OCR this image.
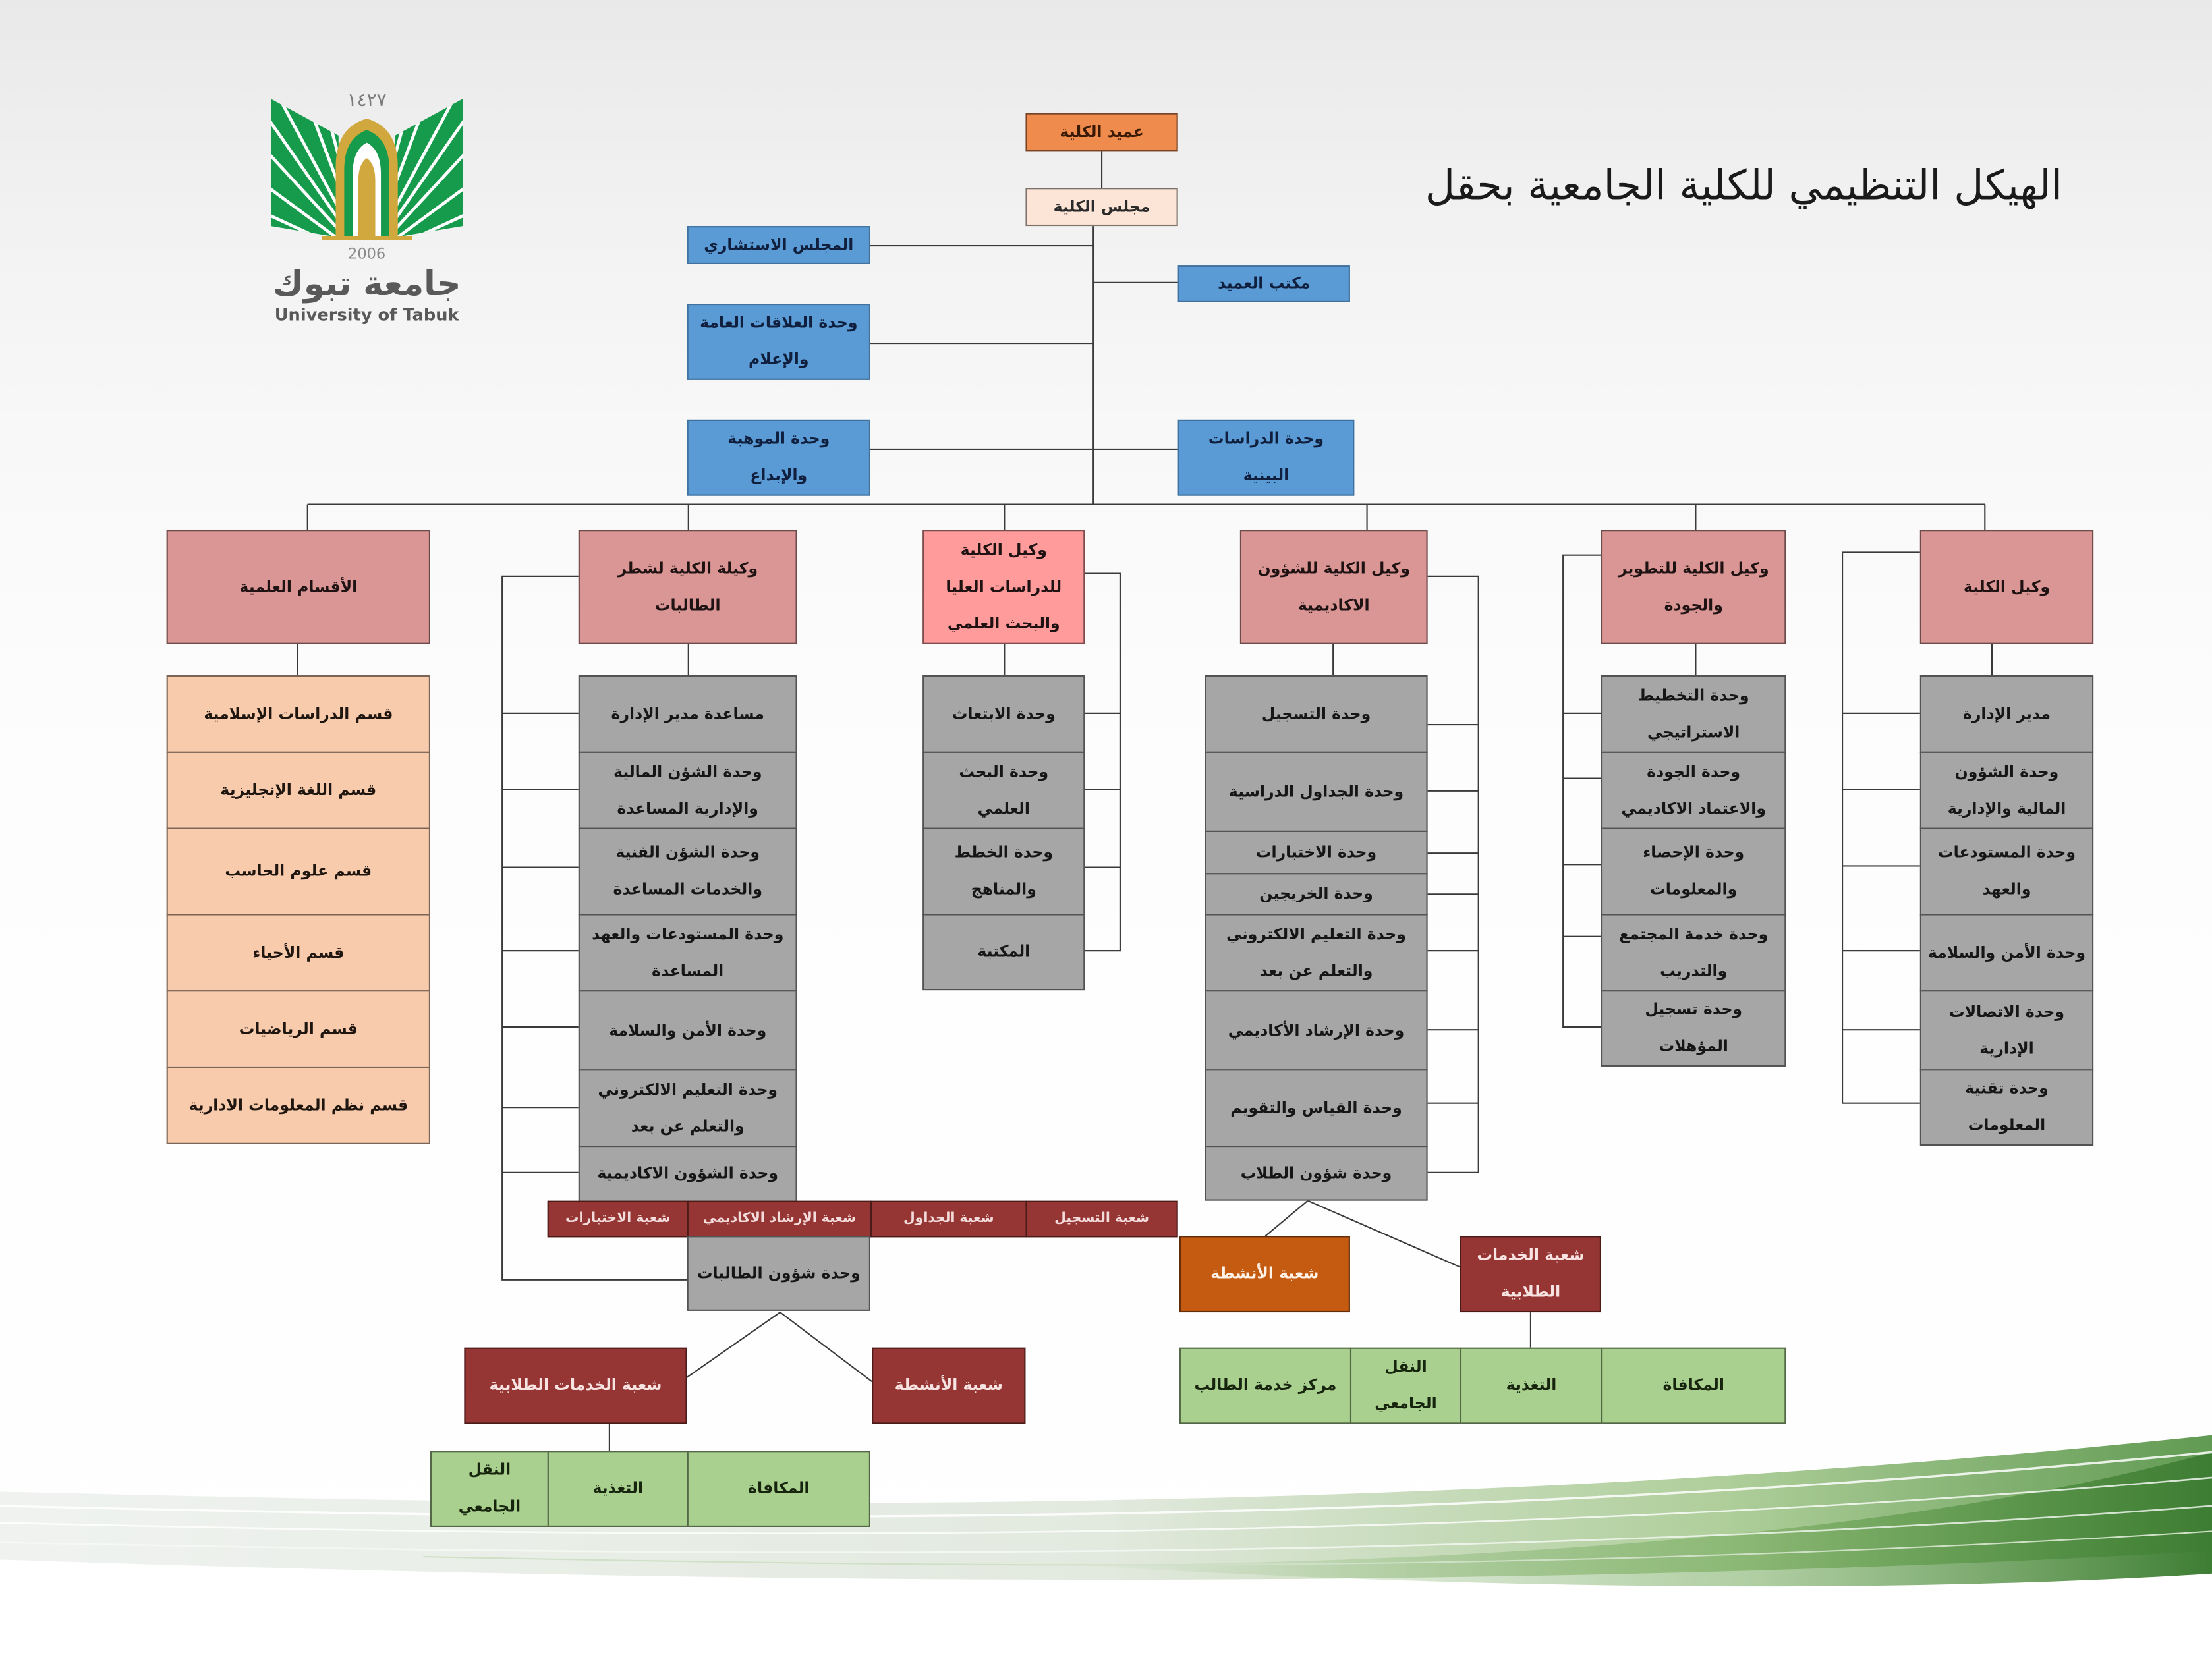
١٤٢٧
2006
جامعة تبوك
University of Tabuk
الهيكل التنظيمي للكلية الجامعية بحقل
عميد الكلية
مجلس الكلية
المجلس الاستشاري
مكتب العميد
وحدة العلاقات العامة
والإعلام
وحدة الموهبة
والإبداع
وحدة الدراسات
البينية
الأقسام العلمية
وكيلة الكلية لشطر
الطالبات
وكيل الكلية
للدراسات العليا
والبحث العلمي
وكيل الكلية للشؤون
الاكاديمية
وكيل الكلية للتطوير
والجودة
وكيل الكلية
قسم الدراسات الإسلامية
قسم اللغة الإنجليزية
قسم علوم الحاسب
قسم الأحياء
قسم الرياضيات
قسم نظم المعلومات الادارية
مساعدة مدير الإدارة
وحدة الشؤن المالية
والإدارية المساعدة
وحدة الشؤن الفنية
والخدمات المساعدة
وحدة المستودعات والعهد
المساعدة
وحدة الأمن والسلامة
وحدة التعليم الالكتروني
والتعلم عن بعد
وحدة الشؤون الاكاديمية
شعبة التسجيل
شعبة الجداول
شعبة الإرشاد الاكاديمي
شعبة الاختبارات
وحدة شؤون الطالبات
شعبة الخدمات الطلابية	شعبة الأنشطة
المكافاة
التغذية
النقل
الجامعي
وحدة الابتعاث
وحدة البحث
العلمي
وحدة الخطط
والمناهج
المكتبة
وحدة التسجيل
وحدة الجداول الدراسية
وحدة الاختبارات
وحدة الخريجين
وحدة التعليم الالكتروني
والتعلم عن بعد
وحدة الإرشاد الأكاديمي
وحدة القياس والتقويم
وحدة شؤون الطلاب
شعبة الأنشطة
شعبة الخدمات
الطلابية
المكافاة
التغذية
النقل
الجامعي
مركز خدمة الطالب
وحدة التخطيط
الاستراتيجي
وحدة الجودة
والاعتماد الاكاديمي
وحدة الإحصاء
والمعلومات
وحدة خدمة المجتمع
والتدريب
وحدة تسجيل
المؤهلات
مدير الإدارة
وحدة الشؤون
المالية والإدارية
وحدة المستودعات
والعهد
وحدة الأمن والسلامة
وحدة الاتصالات
الإدارية
وحدة تقنية
المعلومات
